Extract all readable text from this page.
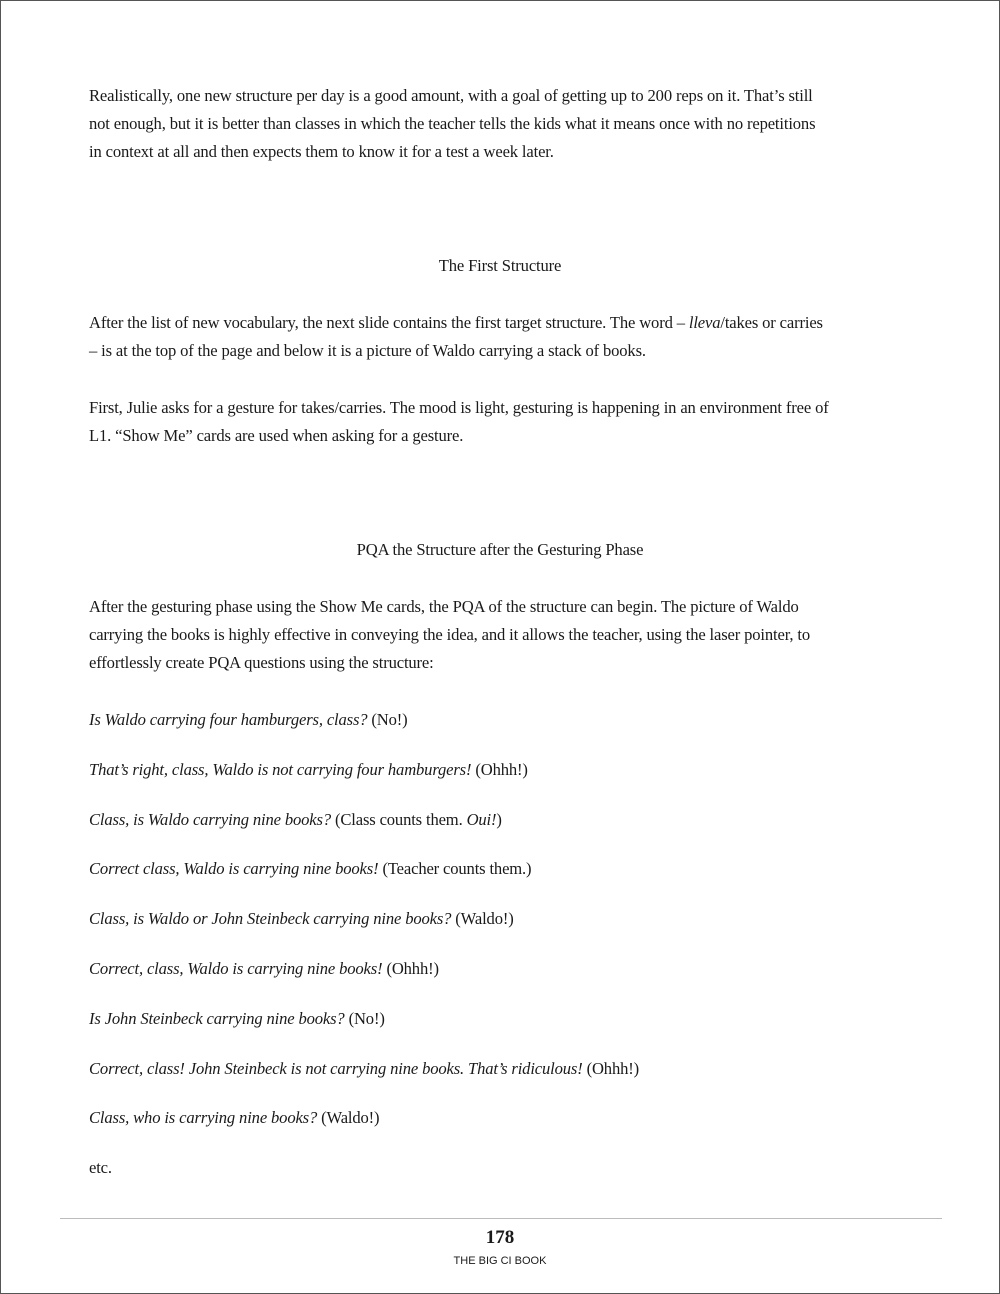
Realistically, one new structure per day is a good amount, with a goal of getting up to 200 reps on it. That’s still
not enough, but it is better than classes in which the teacher tells the kids what it means once with no repetitions
in context at all and then expects them to know it for a test a week later.
The First Structure
After the list of new vocabulary, the next slide contains the first target structure. The word – lleva/takes or carries
– is at the top of the page and below it is a picture of Waldo carrying a stack of books.
First, Julie asks for a gesture for takes/carries. The mood is light, gesturing is happening in an environment free of
L1. “Show Me” cards are used when asking for a gesture.
PQA the Structure after the Gesturing Phase
After the gesturing phase using the Show Me cards, the PQA of the structure can begin. The picture of Waldo
carrying the books is highly effective in conveying the idea, and it allows the teacher, using the laser pointer, to
effortlessly create PQA questions using the structure:
Is Waldo carrying four hamburgers, class? (No!)
That’s right, class, Waldo is not carrying four hamburgers! (Ohhh!)
Class, is Waldo carrying nine books? (Class counts them. Oui!)
Correct class, Waldo is carrying nine books! (Teacher counts them.)
Class, is Waldo or John Steinbeck carrying nine books? (Waldo!)
Correct, class, Waldo is carrying nine books! (Ohhh!)
Is John Steinbeck carrying nine books? (No!)
Correct, class! John Steinbeck is not carrying nine books. That’s ridiculous! (Ohhh!)
Class, who is carrying nine books? (Waldo!)
etc.
178
THE BIG CI BOOK
